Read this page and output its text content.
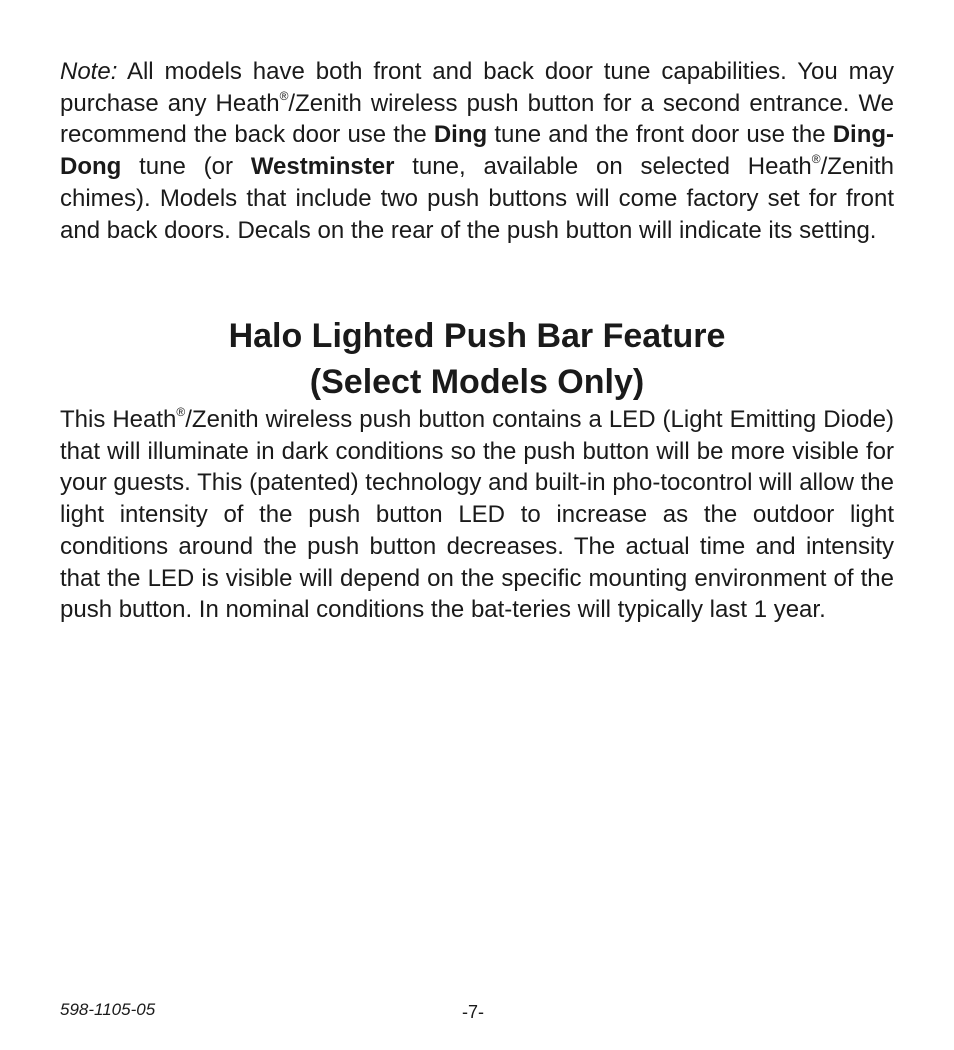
Note: All models have both front and back door tune capabilities. You may purchase any Heath®/Zenith wireless push button for a second entrance. We recommend the back door use the Ding tune and the front door use the Ding-Dong tune (or Westminster tune, available on selected Heath®/Zenith chimes). Models that include two push buttons will come factory set for front and back doors. Decals on the rear of the push button will indicate its setting.

Halo Lighted Push Bar Feature
(Select Models Only)

This Heath®/Zenith wireless push button contains a LED (Light Emitting Diode) that will illuminate in dark conditions so the push button will be more visible for your guests. This (patented) technology and built-in pho-tocontrol will allow the light intensity of the push button LED to increase as the outdoor light conditions around the push button decreases. The actual time and intensity that the LED is visible will depend on the specific mounting environment of the push button. In nominal conditions the bat-teries will typically last 1 year.

598-1105-05	-7-
